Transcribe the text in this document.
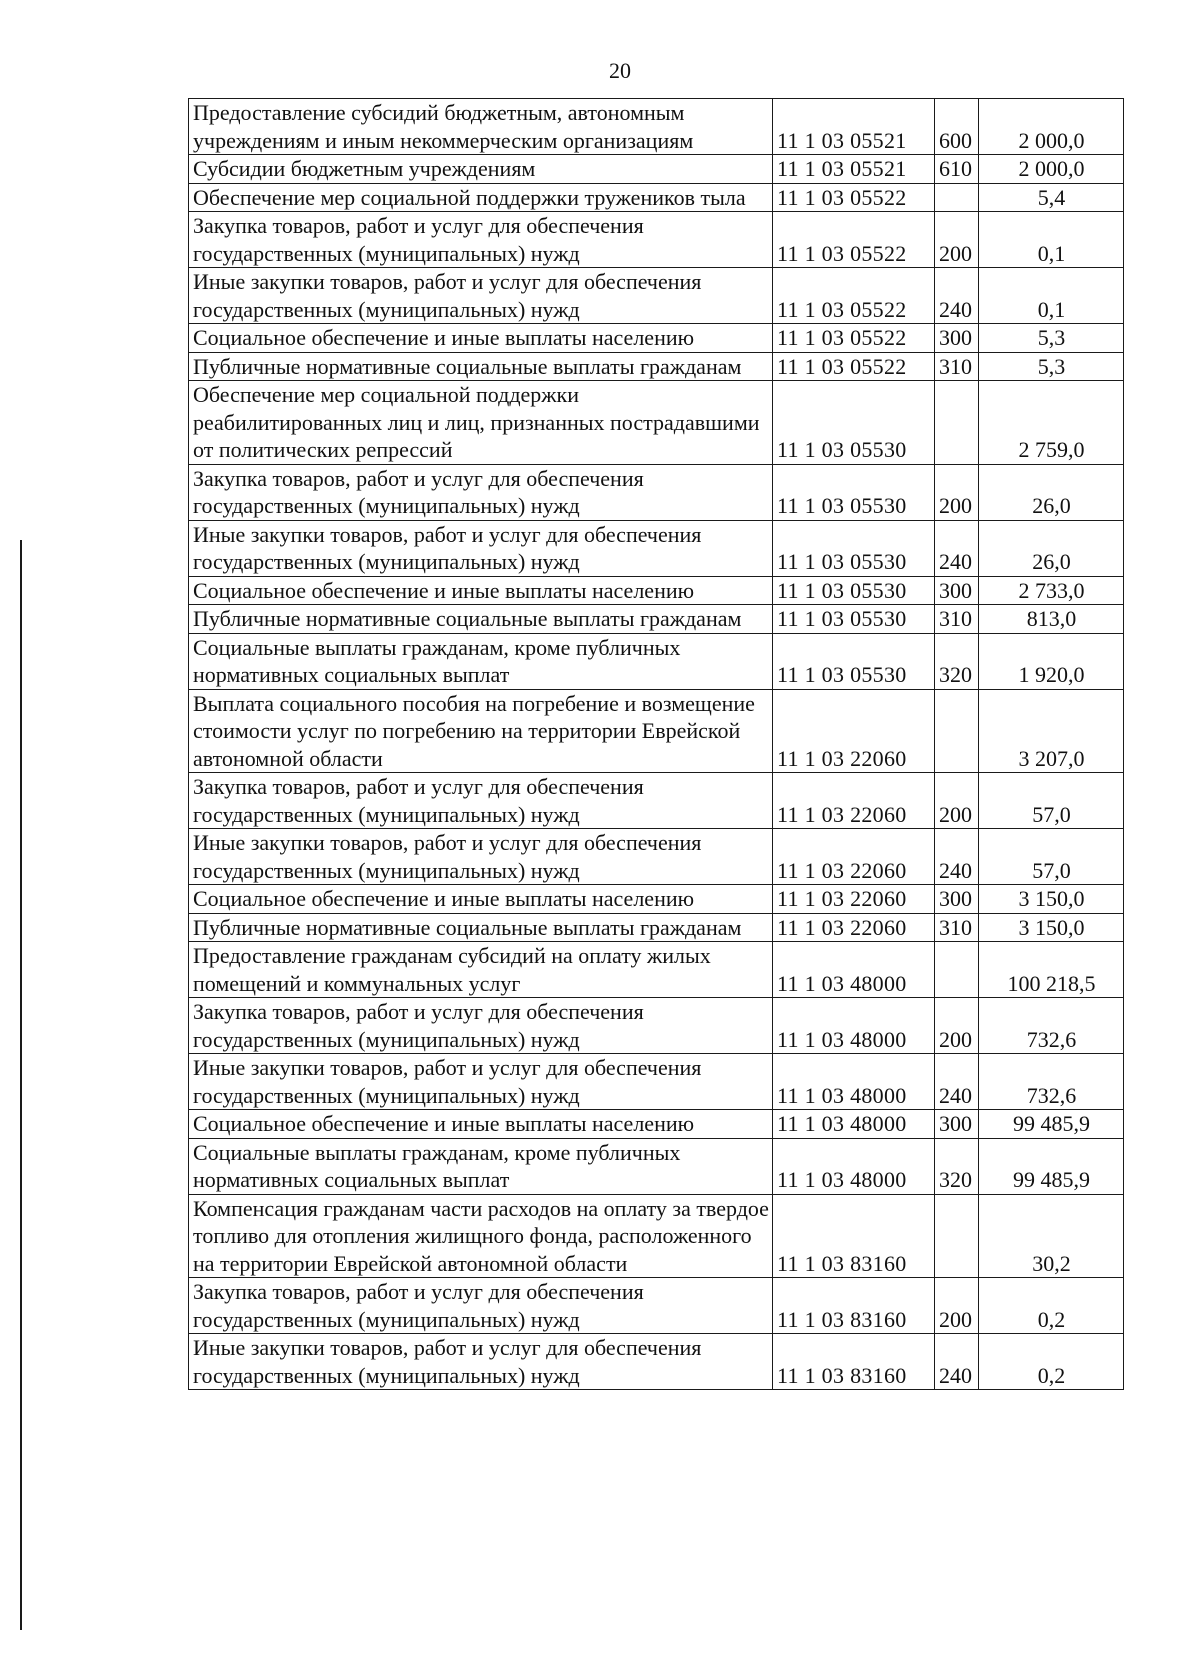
20
Предоставление субсидий бюджетным, автономным учреждениям и иным некоммерческим организациям	11 1 03 05521	600	2 000,0
Субсидии бюджетным учреждениям	11 1 03 05521	610	2 000,0
Обеспечение мер социальной поддержки тружеников тыла	11 1 03 05522		5,4
Закупка товаров, работ и услуг для обеспечения государственных (муниципальных) нужд	11 1 03 05522	200	0,1
Иные закупки товаров, работ и услуг для обеспечения государственных (муниципальных) нужд	11 1 03 05522	240	0,1
Социальное обеспечение и иные выплаты населению	11 1 03 05522	300	5,3
Публичные нормативные социальные выплаты гражданам	11 1 03 05522	310	5,3
Обеспечение мер социальной поддержки реабилитированных лиц и лиц, признанных пострадавшими от политических репрессий	11 1 03 05530		2 759,0
Закупка товаров, работ и услуг для обеспечения государственных (муниципальных) нужд	11 1 03 05530	200	26,0
Иные закупки товаров, работ и услуг для обеспечения государственных (муниципальных) нужд	11 1 03 05530	240	26,0
Социальное обеспечение и иные выплаты населению	11 1 03 05530	300	2 733,0
Публичные нормативные социальные выплаты гражданам	11 1 03 05530	310	813,0
Социальные выплаты гражданам, кроме публичных нормативных социальных выплат	11 1 03 05530	320	1 920,0
Выплата социального пособия на погребение и возмещение стоимости услуг по погребению на территории Еврейской автономной области	11 1 03 22060		3 207,0
Закупка товаров, работ и услуг для обеспечения государственных (муниципальных) нужд	11 1 03 22060	200	57,0
Иные закупки товаров, работ и услуг для обеспечения государственных (муниципальных) нужд	11 1 03 22060	240	57,0
Социальное обеспечение и иные выплаты населению	11 1 03 22060	300	3 150,0
Публичные нормативные социальные выплаты гражданам	11 1 03 22060	310	3 150,0
Предоставление гражданам субсидий на оплату жилых помещений и коммунальных услуг	11 1 03 48000		100 218,5
Закупка товаров, работ и услуг для обеспечения государственных (муниципальных) нужд	11 1 03 48000	200	732,6
Иные закупки товаров, работ и услуг для обеспечения государственных (муниципальных) нужд	11 1 03 48000	240	732,6
Социальное обеспечение и иные выплаты населению	11 1 03 48000	300	99 485,9
Социальные выплаты гражданам, кроме публичных нормативных социальных выплат	11 1 03 48000	320	99 485,9
Компенсация гражданам части расходов на оплату за твердое топливо для отопления жилищного фонда, расположенного на территории Еврейской автономной области	11 1 03 83160		30,2
Закупка товаров, работ и услуг для обеспечения государственных (муниципальных) нужд	11 1 03 83160	200	0,2
Иные закупки товаров, работ и услуг для обеспечения государственных (муниципальных) нужд	11 1 03 83160	240	0,2
